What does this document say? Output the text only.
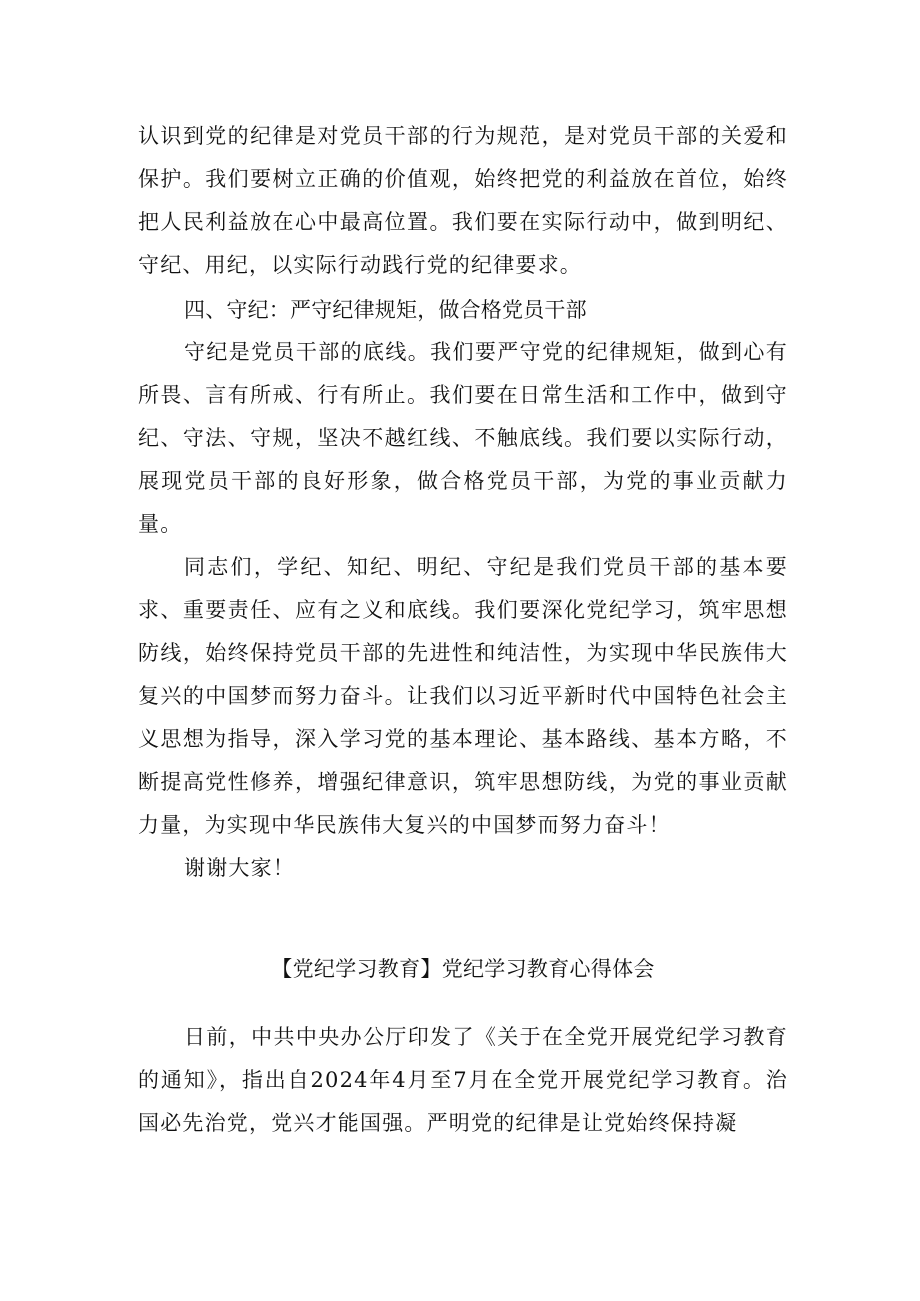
认识到党的纪律是对党员干部的行为规范，是对党员干部的关爱和保护。我们要树立正确的价值观，始终把党的利益放在首位，始终把人民利益放在心中最高位置。我们要在实际行动中，做到明纪、守纪、用纪，以实际行动践行党的纪律要求。

四、守纪：严守纪律规矩，做合格党员干部

守纪是党员干部的底线。我们要严守党的纪律规矩，做到心有所畏、言有所戒、行有所止。我们要在日常生活和工作中，做到守纪、守法、守规，坚决不越红线、不触底线。我们要以实际行动，展现党员干部的良好形象，做合格党员干部，为党的事业贡献力量。

同志们，学纪、知纪、明纪、守纪是我们党员干部的基本要求、重要责任、应有之义和底线。我们要深化党纪学习，筑牢思想防线，始终保持党员干部的先进性和纯洁性，为实现中华民族伟大复兴的中国梦而努力奋斗。让我们以习近平新时代中国特色社会主义思想为指导，深入学习党的基本理论、基本路线、基本方略，不断提高党性修养，增强纪律意识，筑牢思想防线，为党的事业贡献力量，为实现中华民族伟大复兴的中国梦而努力奋斗！

谢谢大家！

【党纪学习教育】党纪学习教育心得体会

日前，中共中央办公厅印发了《关于在全党开展党纪学习教育的通知》，指出自2024年4月至7月在全党开展党纪学习教育。治国必先治党，党兴才能国强。严明党的纪律是让党始终保持凝
